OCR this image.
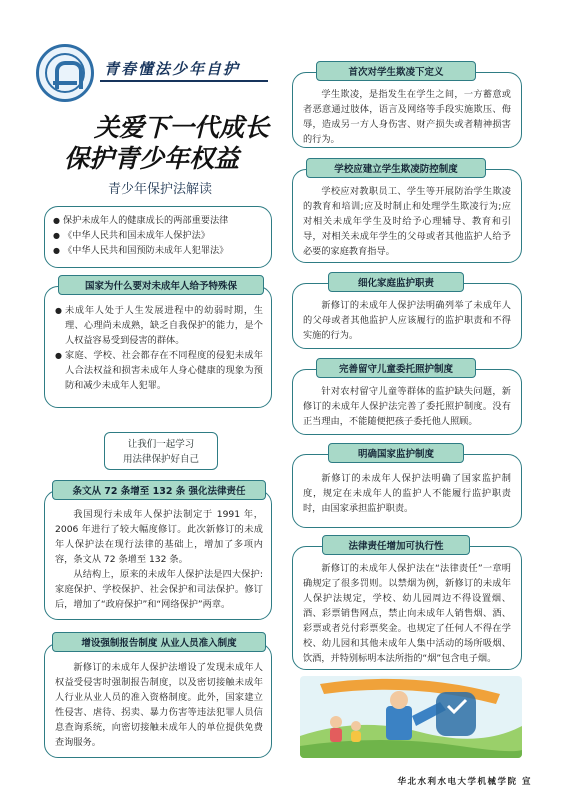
青春懂法少年自护
关爱下一代成长
保护青少年权益
青少年保护法解读
● 保护未成年人的健康成长的两部重要法律
● 《中华人民共和国未成年人保护法》
● 《中华人民共和国预防未成年人犯罪法》
国家为什么要对未成年人给予特殊保

● 未成年人处于人生发展进程中的幼弱时期，生理、心理尚未成熟，缺乏自我保护的能力，是个人权益容易受到侵害的群体。

● 家庭、学校、社会都存在不同程度的侵犯未成年人合法权益和损害未成年人身心健康的现象为预防和减少未成年人犯罪。

让我们一起学习
用法律保护好自己
条文从 72 条增至 132 条 强化法律责任

我国现行未成年人保护法制定于 1991 年，2006 年进行了较大幅度修订。此次新修订的未成年人保护法在现行法律的基础上，增加了多项内容，条文从 72 条增至 132 条。

从结构上，原来的未成年人保护法是四大保护:家庭保护、学校保护、社会保护和司法保护。修订后，增加了“政府保护”和“网络保护”两章。

增设强制报告制度 从业人员准入制度

新修订的未成年人保护法增设了发现未成年人权益受侵害时强制报告制度，以及密切接触未成年人行业从业人员的准入资格制度。此外，国家建立性侵害、虐待、拐卖、暴力伤害等违法犯罪人员信息查询系统，向密切接触未成年人的单位提供免费查询服务。

首次对学生欺凌下定义

学生欺凌，是指发生在学生之间，一方蓄意或者恶意通过肢体，语言及网络等手段实施欺压、侮辱，造成另一方人身伤害、财产损失或者精神损害的行为。

学校应建立学生欺凌防控制度

学校应对教职员工、学生等开展防治学生欺凌的教育和培训;应及时制止和处理学生欺凌行为;应对相关未成年学生及时给予心理辅导、教育和引导，对相关未成年学生的父母或者其他监护人给予必要的家庭教育指导。

细化家庭监护职责

新修订的未成年人保护法明确列举了未成年人的父母或者其他监护人应该履行的监护职责和不得实施的行为。

完善留守儿童委托照护制度

针对农村留守儿童等群体的监护缺失问题，新修订的未成年人保护法完善了委托照护制度。没有正当理由，不能随便把孩子委托他人照顾。

明确国家监护制度

新修订的未成年人保护法明确了国家监护制度，规定在未成年人的监护人不能履行监护职责时，由国家承担监护职责。

法律责任增加可执行性

新修订的未成年人保护法在“法律责任”一章明确规定了很多罚则。以禁烟为例，新修订的未成年人保护法规定，学校、幼儿园周边不得设置烟、酒、彩票销售网点，禁止向未成年人销售烟、酒、彩票或者兑付彩票奖金。也规定了任何人不得在学校、幼儿园和其他未成年人集中活动的场所吸烟、饮酒，并特别标明本法所指的“烟”包含电子烟。

华北水利水电大学机械学院 宣
